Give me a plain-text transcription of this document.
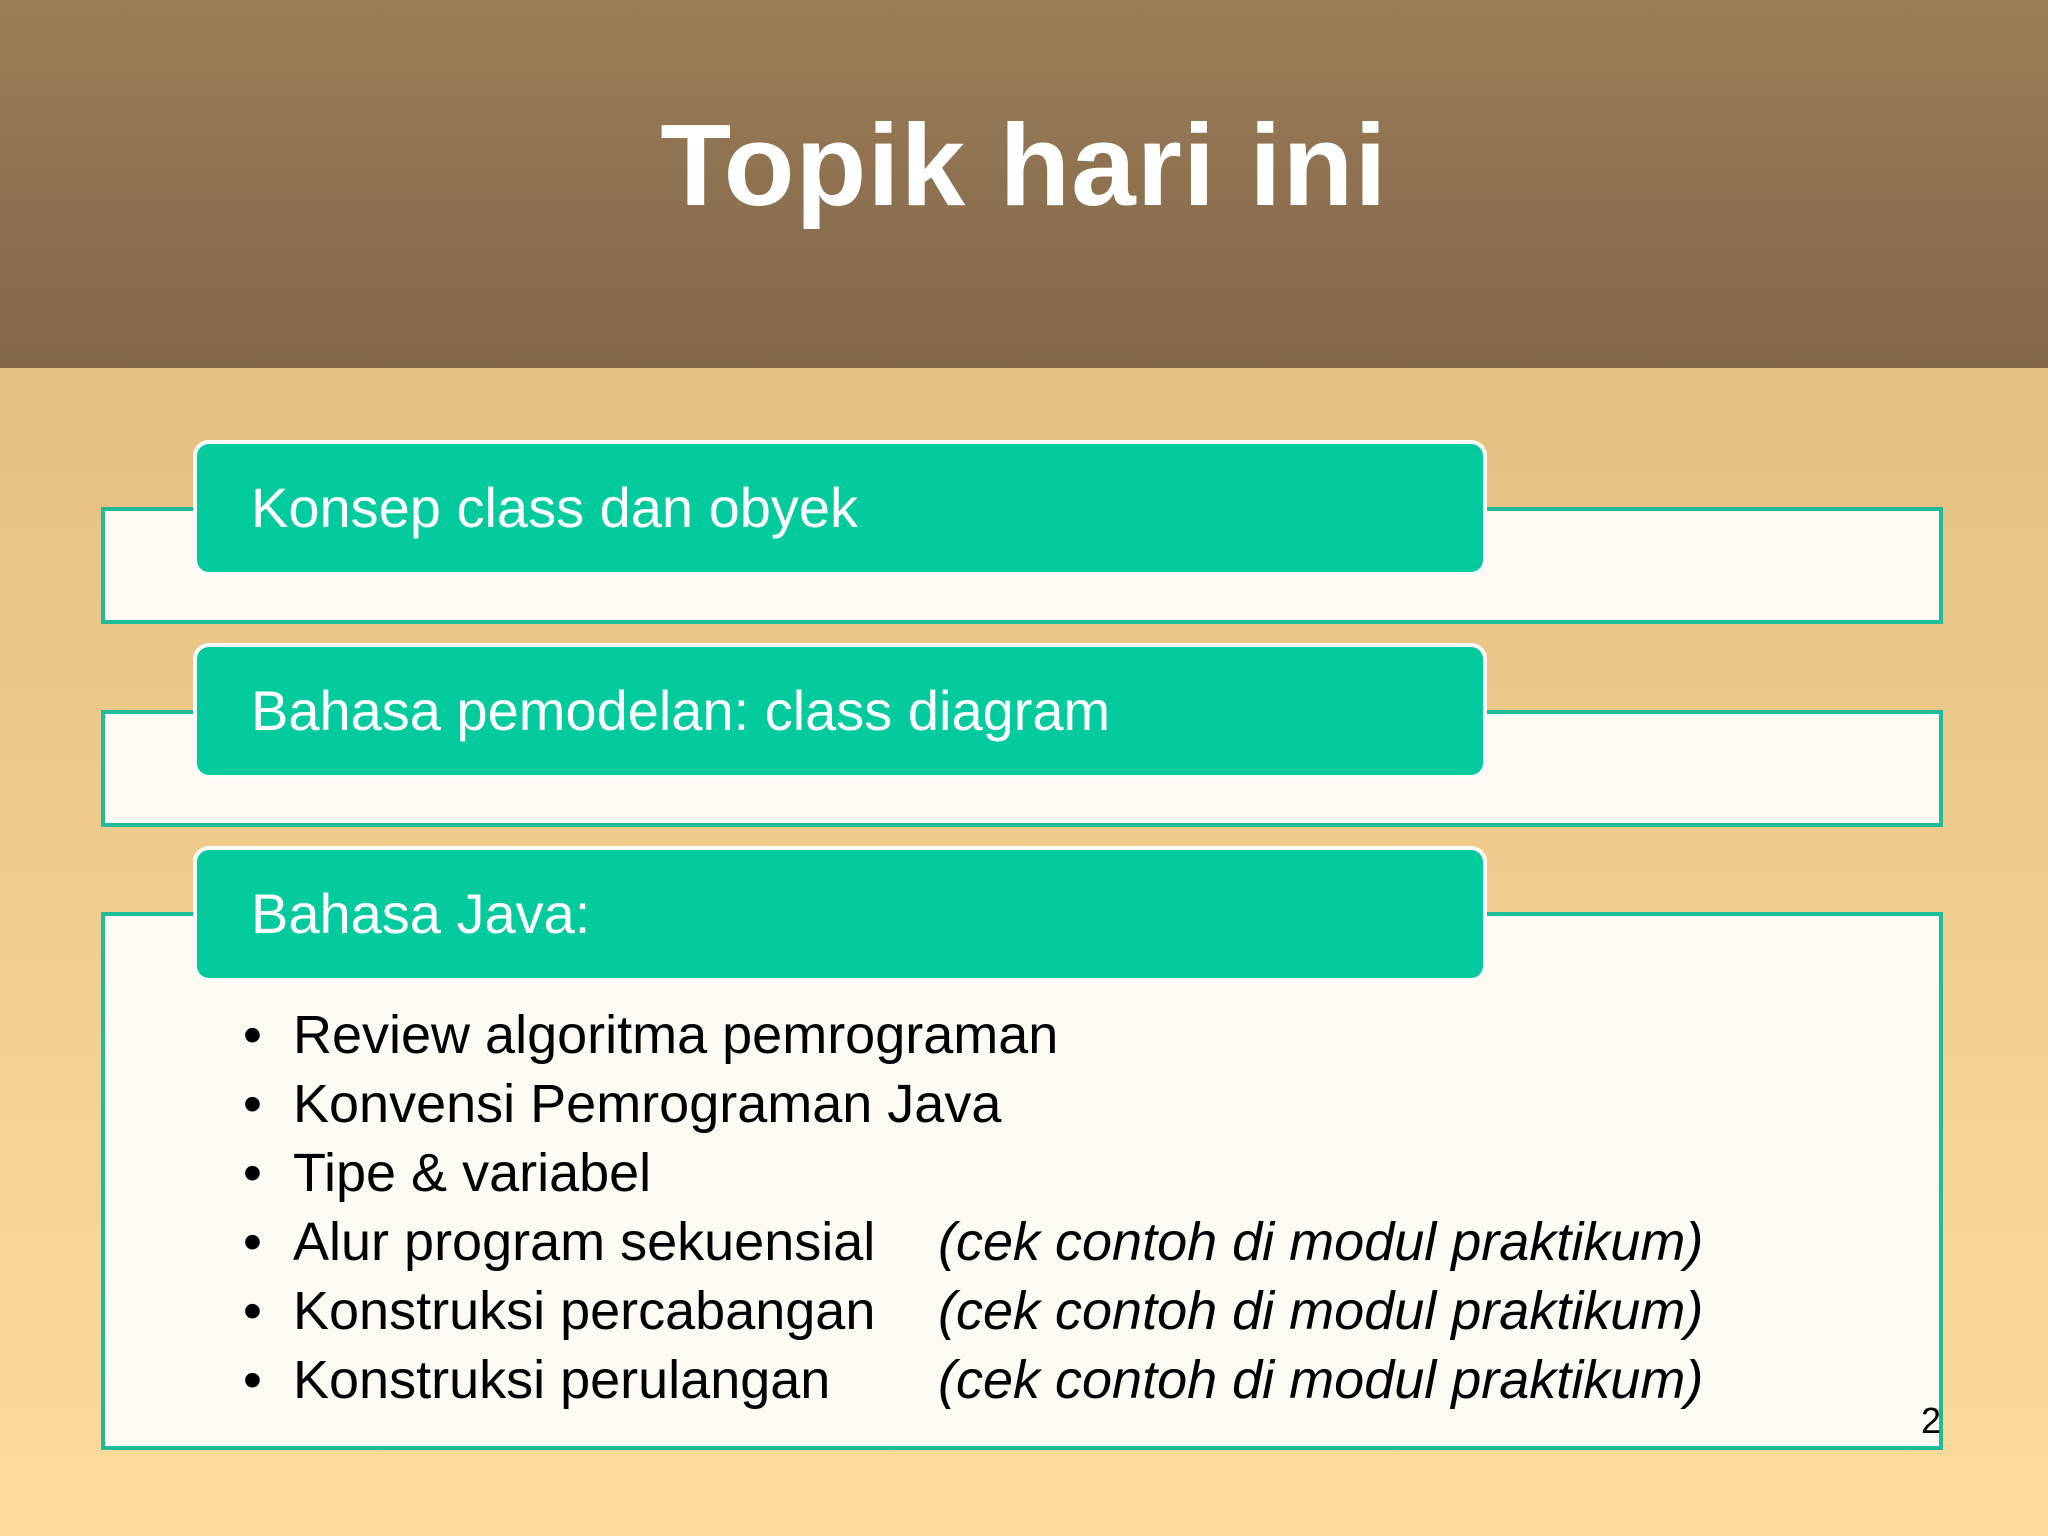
Topik hari ini
Konsep class dan obyek
Bahasa pemodelan: class diagram
Bahasa Java:
• Review algoritma pemrograman
• Konvensi Pemrograman Java
• Tipe & variabel
• Alur program sekuensial (cek contoh di modul praktikum)
• Konstruksi percabangan (cek contoh di modul praktikum)
• Konstruksi perulangan (cek contoh di modul praktikum)
2
